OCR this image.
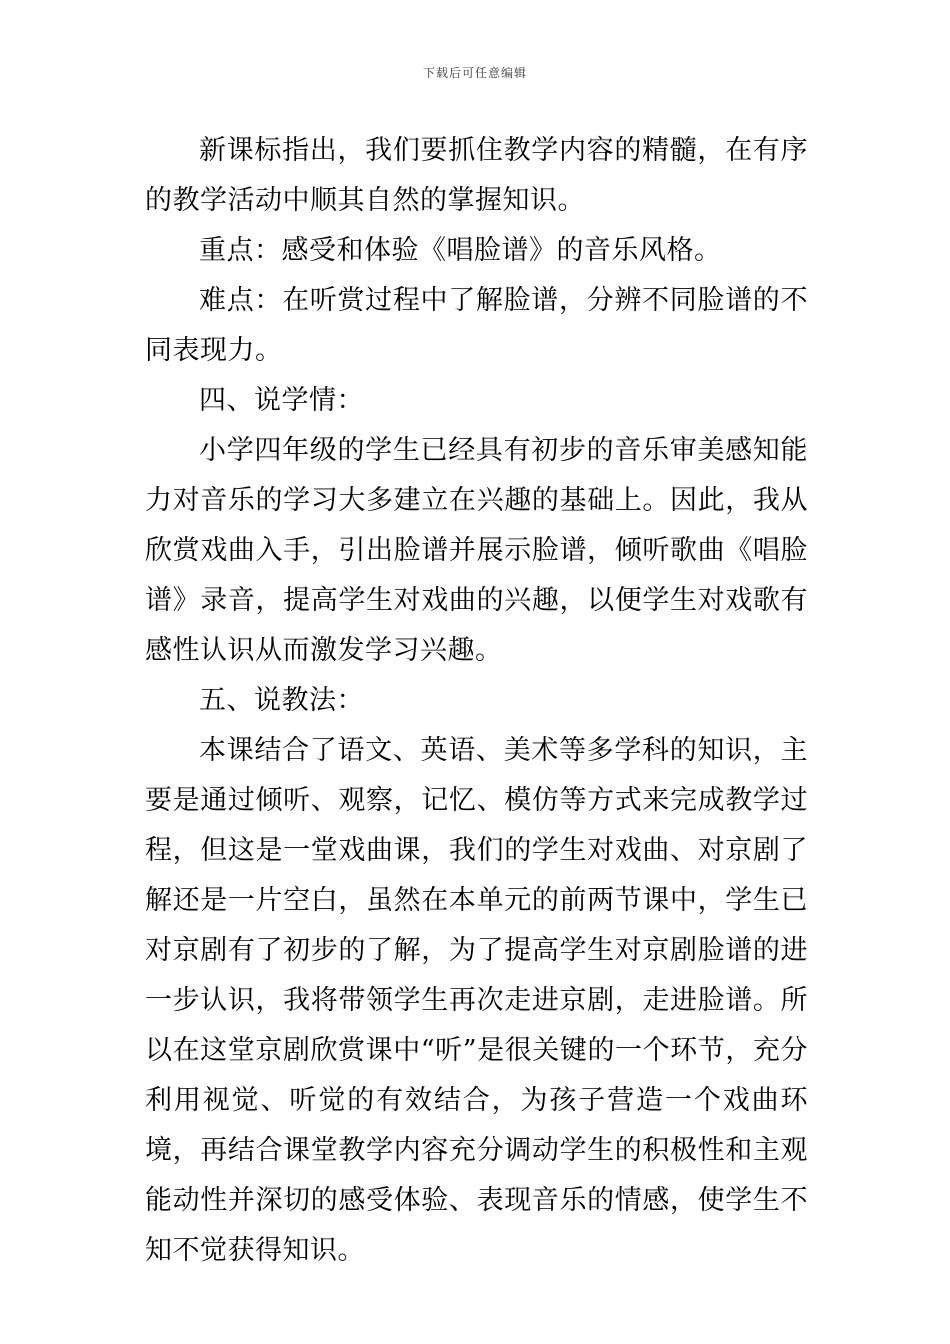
下载后可任意编辑

新课标指出，我们要抓住教学内容的精髓，在有序的教学活动中顺其自然的掌握知识。

重点：感受和体验《唱脸谱》的音乐风格。

难点：在听赏过程中了解脸谱，分辨不同脸谱的不同表现力。

四、说学情：

小学四年级的学生已经具有初步的音乐审美感知能力对音乐的学习大多建立在兴趣的基础上。因此，我从欣赏戏曲入手，引出脸谱并展示脸谱，倾听歌曲《唱脸谱》录音，提高学生对戏曲的兴趣，以便学生对戏歌有感性认识从而激发学习兴趣。

五、说教法：

本课结合了语文、英语、美术等多学科的知识，主要是通过倾听、观察，记忆、模仿等方式来完成教学过程，但这是一堂戏曲课，我们的学生对戏曲、对京剧了解还是一片空白，虽然在本单元的前两节课中，学生已对京剧有了初步的了解，为了提高学生对京剧脸谱的进一步认识，我将带领学生再次走进京剧，走进脸谱。所以在这堂京剧欣赏课中“听”是很关键的一个环节，充分利用视觉、听觉的有效结合，为孩子营造一个戏曲环境，再结合课堂教学内容充分调动学生的积极性和主观能动性并深切的感受体验、表现音乐的情感，使学生不知不觉获得知识。
